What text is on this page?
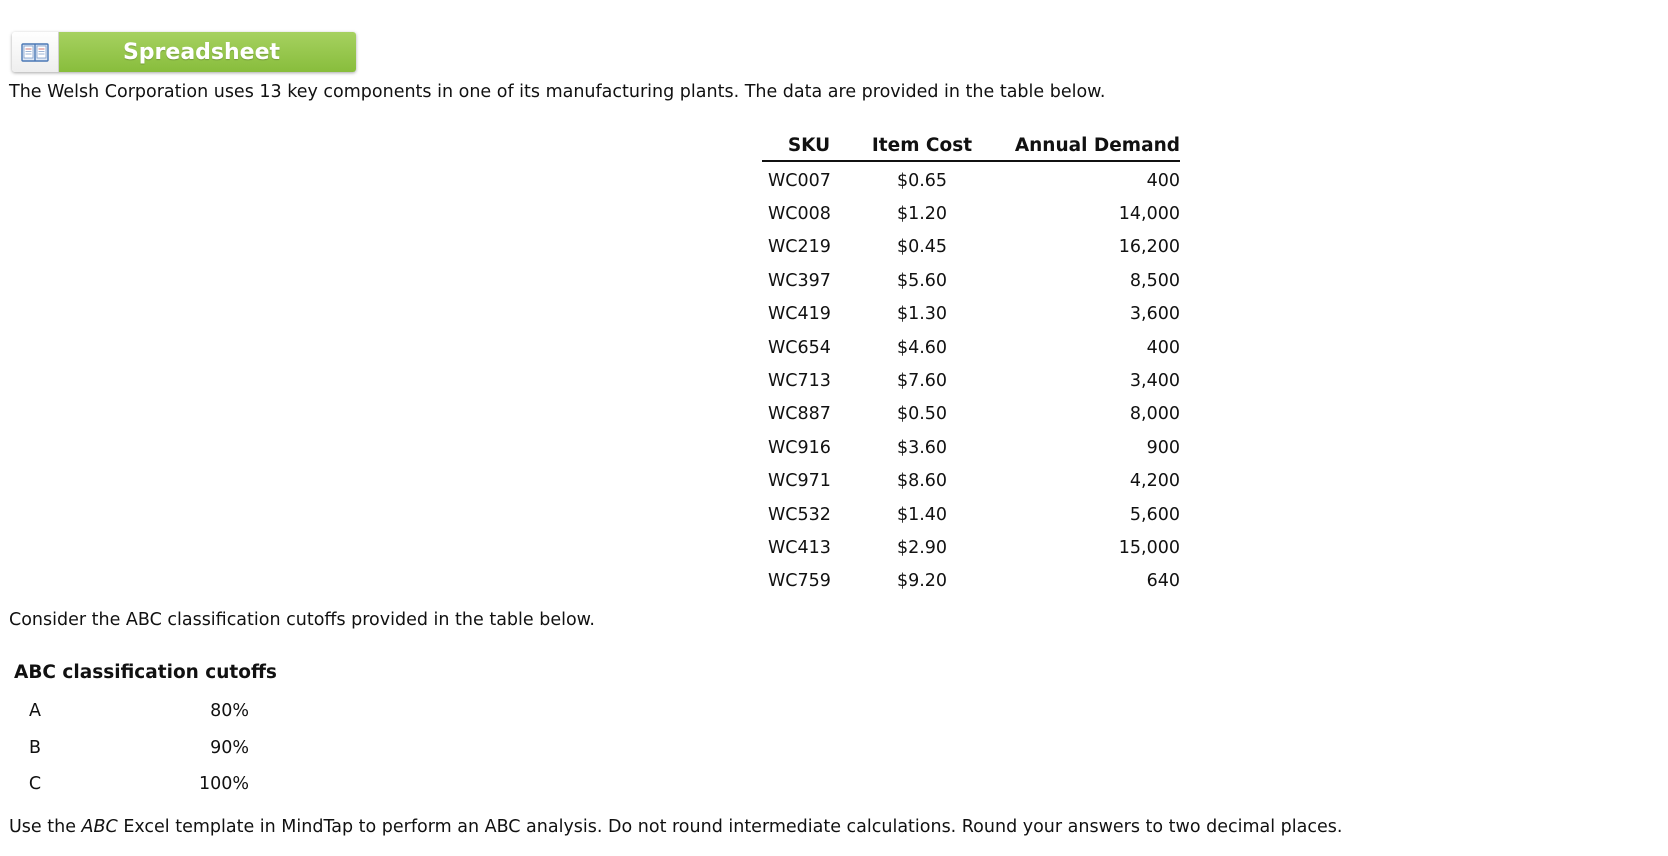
Spreadsheet
The Welsh Corporation uses 13 key components in one of its manufacturing plants. The data are provided in the table below.
SKU	Item Cost	Annual Demand
WC007	$0.65	400
WC008	$1.20	14,000
WC219	$0.45	16,200
WC397	$5.60	8,500
WC419	$1.30	3,600
WC654	$4.60	400
WC713	$7.60	3,400
WC887	$0.50	8,000
WC916	$3.60	900
WC971	$8.60	4,200
WC532	$1.40	5,600
WC413	$2.90	15,000
WC759	$9.20	640
Consider the ABC classification cutoffs provided in the table below.
ABC classification cutoffs
A	80%
B	90%
C	100%
Use the ABC Excel template in MindTap to perform an ABC analysis. Do not round intermediate calculations. Round your answers to two decimal places.
